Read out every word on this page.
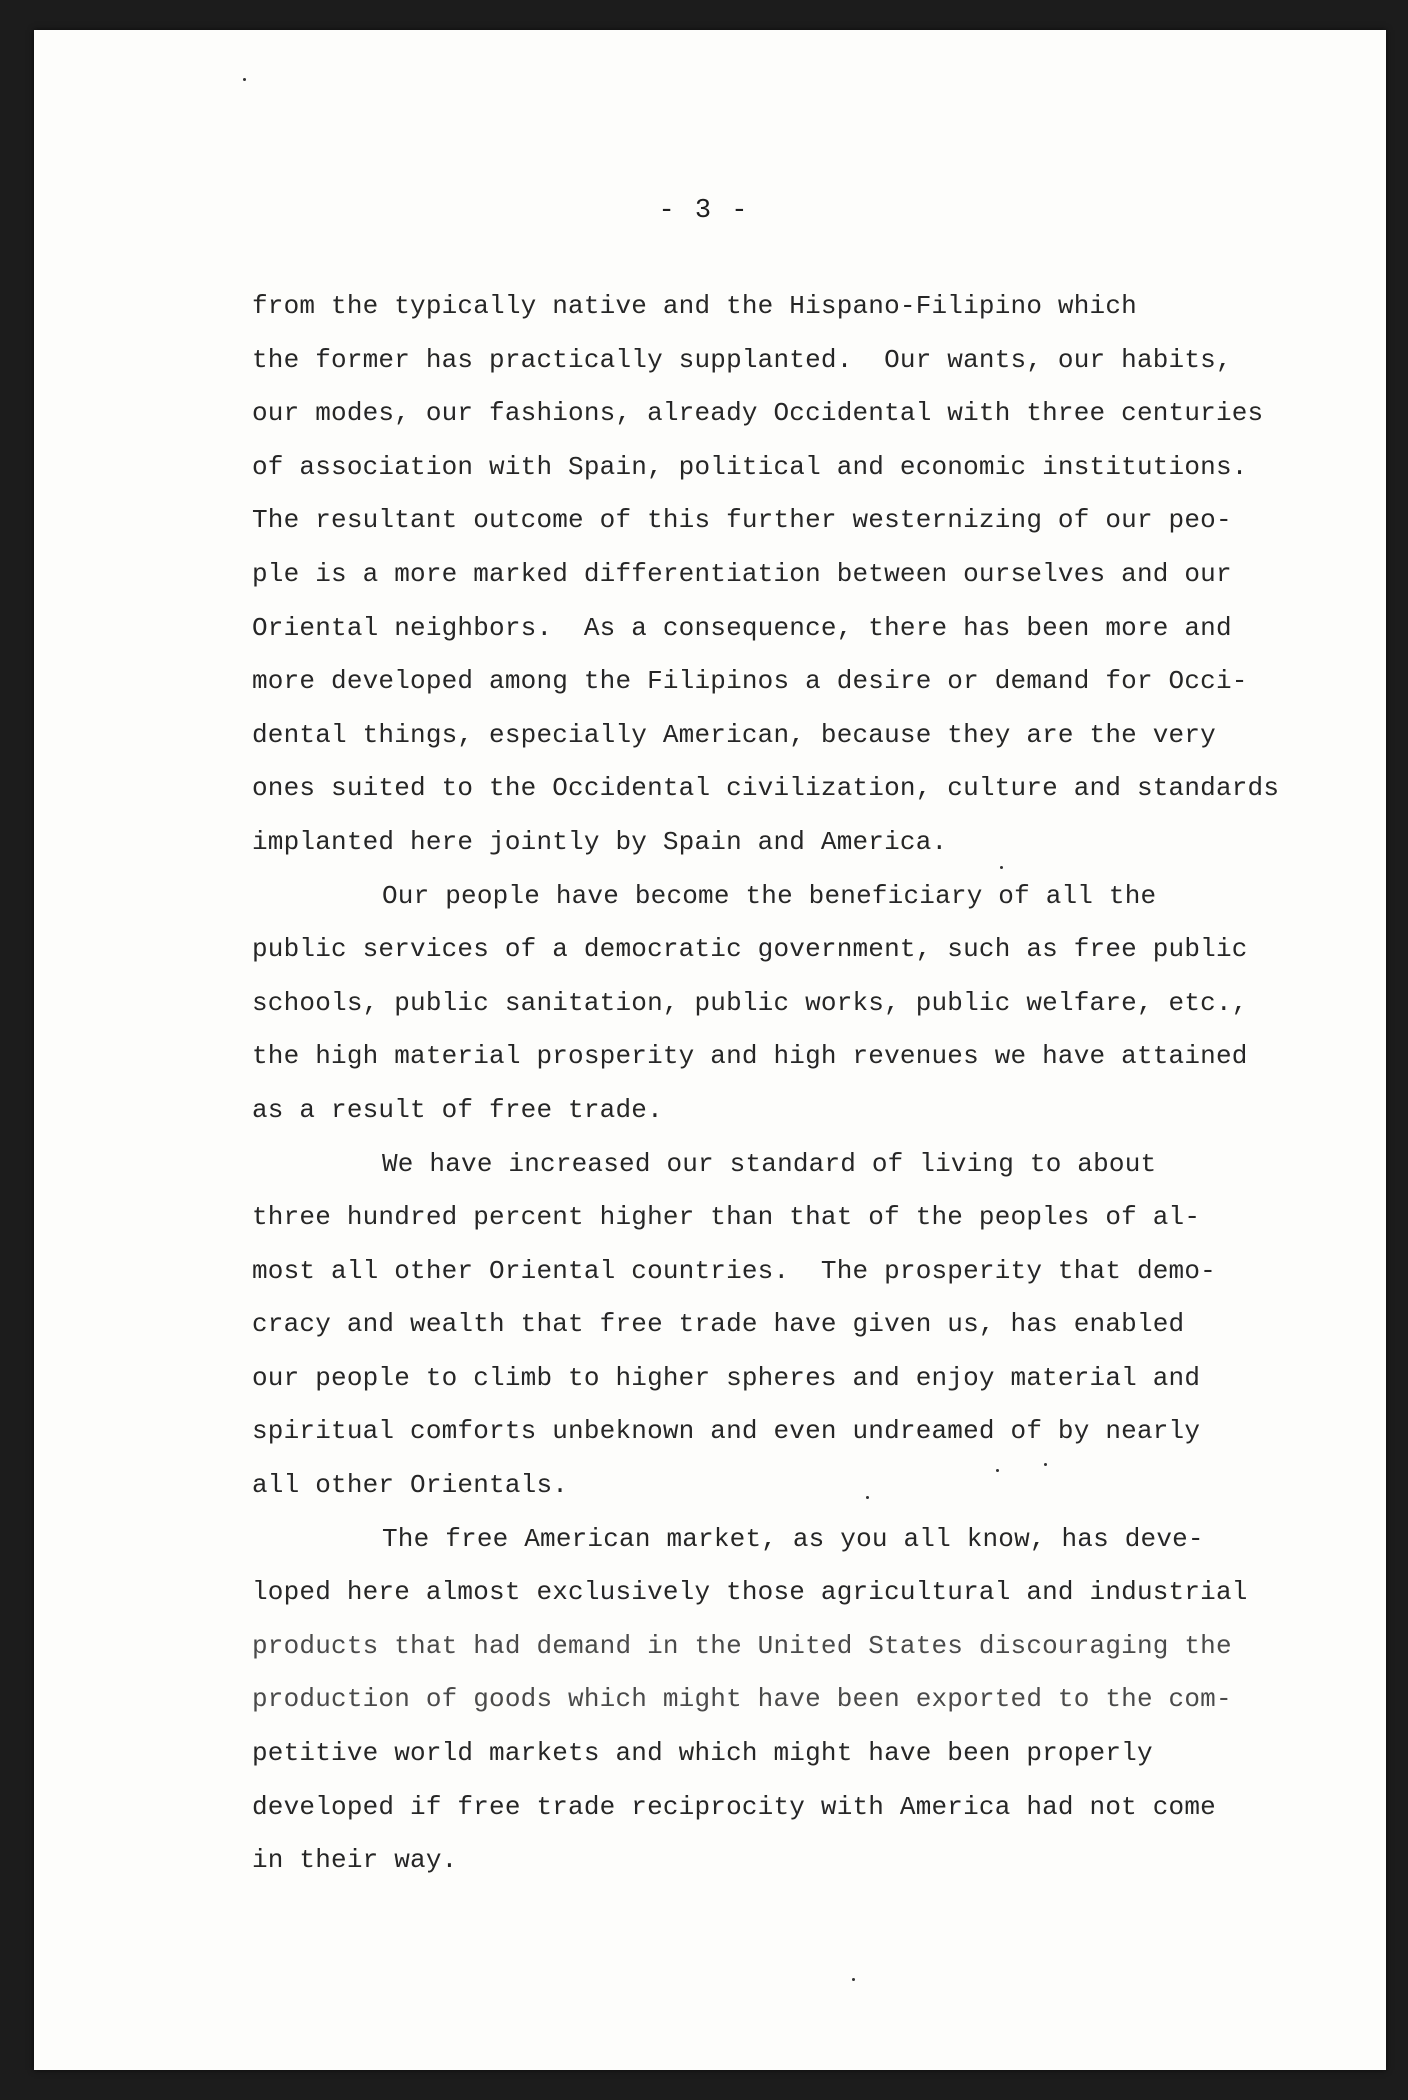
- 3 -
from the typically native and the Hispano-Filipino which
the former has practically supplanted.  Our wants, our habits,
our modes, our fashions, already Occidental with three centuries
of association with Spain, political and economic institutions.
The resultant outcome of this further westernizing of our peo-
ple is a more marked differentiation between ourselves and our
Oriental neighbors.  As a consequence, there has been more and
more developed among the Filipinos a desire or demand for Occi-
dental things, especially American, because they are the very
ones suited to the Occidental civilization, culture and standards
implanted here jointly by Spain and America.
Our people have become the beneficiary of all the
public services of a democratic government, such as free public
schools, public sanitation, public works, public welfare, etc.,
the high material prosperity and high revenues we have attained
as a result of free trade.
We have increased our standard of living to about
three hundred percent higher than that of the peoples of al-
most all other Oriental countries.  The prosperity that demo-
cracy and wealth that free trade have given us, has enabled
our people to climb to higher spheres and enjoy material and
spiritual comforts unbeknown and even undreamed of by nearly
all other Orientals.
The free American market, as you all know, has deve-
loped here almost exclusively those agricultural and industrial
products that had demand in the United States discouraging the
production of goods which might have been exported to the com-
petitive world markets and which might have been properly
developed if free trade reciprocity with America had not come
in their way.
